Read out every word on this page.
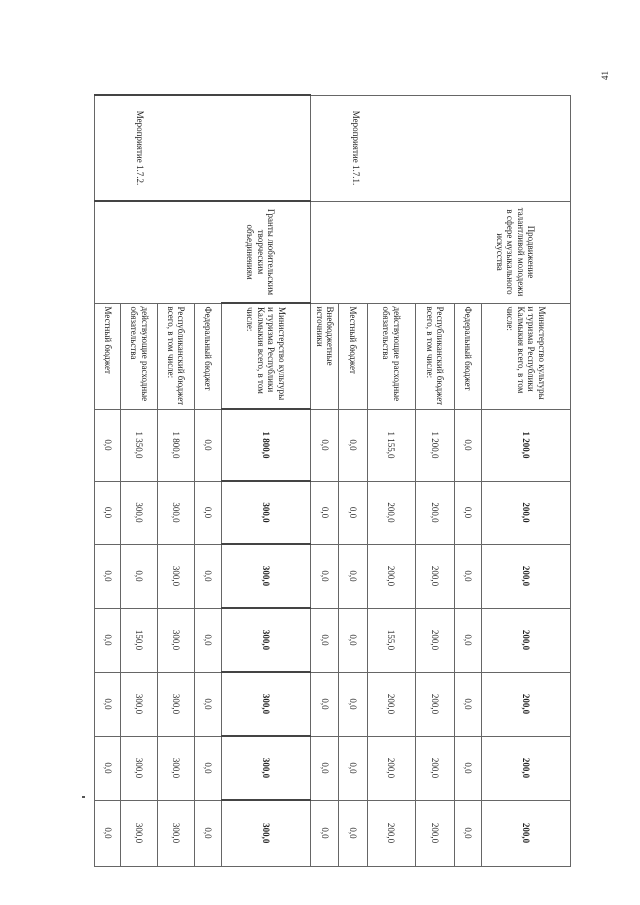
41
Мероприятие 1.7.1.	Продвижение талантливой молодежи в сфере музыкального искусства	Министерство культуры и туризма Республики Калмыкия всего, в том числе:	1 200,0	200,0	200,0	200,0	200,0	200,0	200,0
		Федеральный бюджет	0,0	0,0	0,0	0,0	0,0	0,0	0,0
		Республиканский бюджет всего, в том числе:	1 200,0	200,0	200,0	200,0	200,0	200,0	200,0
		действующие расходные обязательства	1 155,0	200,0	200,0	155,0	200,0	200,0	200,0
		Местный бюджет	0,0	0,0	0,0	0,0	0,0	0,0	0,0
		Внебюджетные источники	0,0	0,0	0,0	0,0	0,0	0,0	0,0
Мероприятие 1.7.2.	Гранты любительским творческим объединениям	Министерство культуры и туризма Республики Калмыкия всего, в том числе:	1 800,0	300,0	300,0	300,0	300,0	300,0	300,0
		Федеральный бюджет	0,0	0,0	0,0	0,0	0,0	0,0	0,0
		Республиканский бюджет всего, в том числе:	1 800,0	300,0	300,0	300,0	300,0	300,0	300,0
		действующие расходные обязательства	1 350,0	300,0	0,0	150,0	300,0	300,0	300,0
		Местный бюджет	0,0	0,0	0,0	0,0	0,0	0,0	0,0
